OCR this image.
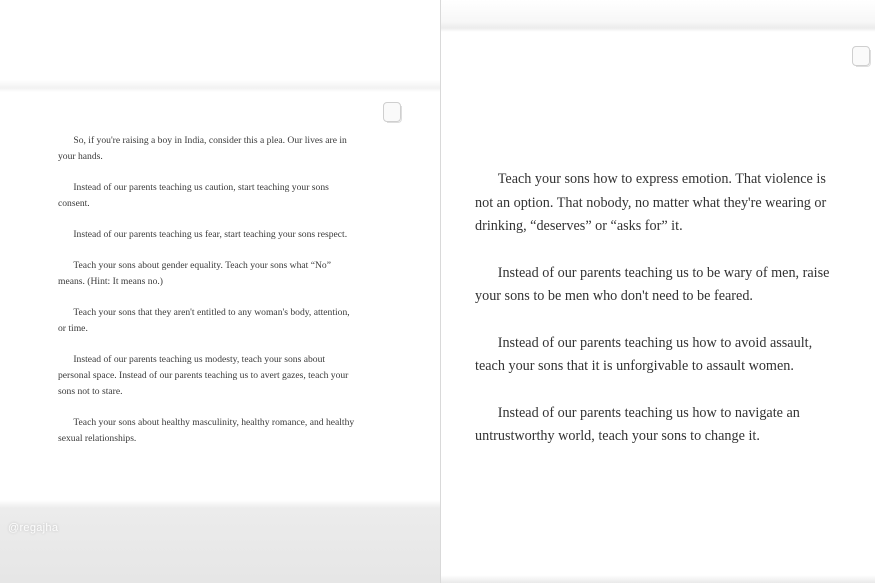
So, if you're raising a boy in India, consider this a plea. Our lives are in your hands.

Instead of our parents teaching us caution, start teaching your sons consent.

Instead of our parents teaching us fear, start teaching your sons respect.

Teach your sons about gender equality. Teach your sons what “No” means. (Hint: It means no.)

Teach your sons that they aren't entitled to any woman's body, attention, or time.

Instead of our parents teaching us modesty, teach your sons about personal space. Instead of our parents teaching us to avert gazes, teach your sons not to stare.

Teach your sons about healthy masculinity, healthy romance, and healthy sexual relationships.

@regajha

Teach your sons how to express emotion. That violence is not an option. That nobody, no matter what they're wearing or drinking, “deserves” or “asks for” it.

Instead of our parents teaching us to be wary of men, raise your sons to be men who don't need to be feared.

Instead of our parents teaching us how to avoid assault, teach your sons that it is unforgivable to assault women.

Instead of our parents teaching us how to navigate an untrustworthy world, teach your sons to change it.
